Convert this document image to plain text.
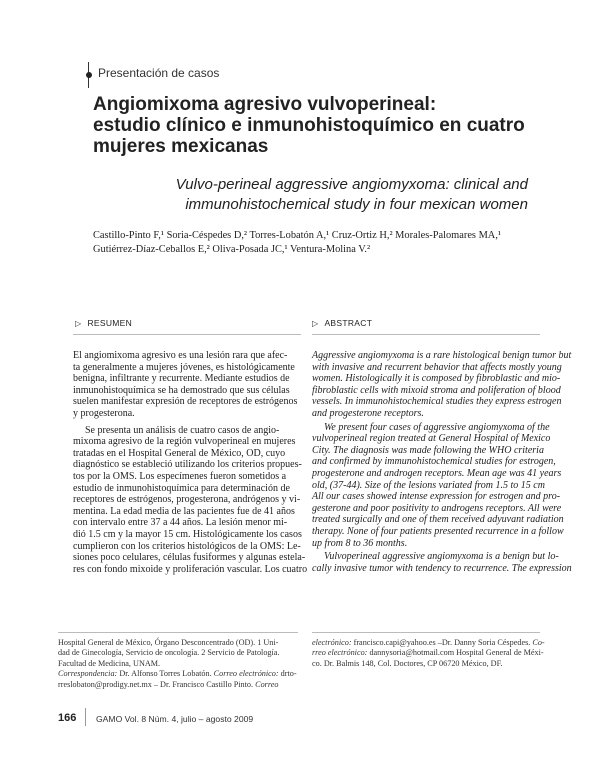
Presentación de casos
Angiomixoma agresivo vulvoperineal:
estudio clínico e inmunohistoquímico en cuatro
mujeres mexicanas
Vulvo-perineal aggressive angiomyxoma: clinical and
immunohistochemical study in four mexican women
Castillo-Pinto F,¹ Soria-Céspedes D,² Torres-Lobatón A,¹ Cruz-Ortiz H,² Morales-Palomares MA,¹
Gutiérrez-Díaz-Ceballos E,² Oliva-Posada JC,¹ Ventura-Molina V.²
▷ RESUMEN	▷ ABSTRACT

El angiomixoma agresivo es una lesión rara que afec-
ta generalmente a mujeres jóvenes, es histológicamente
benigna, infiltrante y recurrente. Mediante estudios de
inmunohistoquímica se ha demostrado que sus células
suelen manifestar expresión de receptores de estrógenos
y progesterona.

Se presenta un análisis de cuatro casos de angio-
mixoma agresivo de la región vulvoperineal en mujeres
tratadas en el Hospital General de México, OD, cuyo
diagnóstico se estableció utilizando los criterios propues-
tos por la OMS. Los especímenes fueron sometidos a
estudio de inmunohistoquímica para determinación de
receptores de estrógenos, progesterona, andrógenos y vi-
mentina. La edad media de las pacientes fue de 41 años
con intervalo entre 37 a 44 años. La lesión menor mi-
dió 1.5 cm y la mayor 15 cm. Histológicamente los casos
cumplieron con los criterios histológicos de la OMS: Le-
siones poco celulares, células fusiformes y algunas estela-
res con fondo mixoide y proliferación vascular. Los cuatro

Aggressive angiomyxoma is a rare histological benign tumor but
with invasive and recurrent behavior that affects mostly young
women. Histologically it is composed by fibroblastic and mio-
fibroblastic cells with mixoid stroma and poliferation of blood
vessels. In immunohistochemical studies they express estrogen
and progesterone receptors.

We present four cases of aggressive angiomyxoma of the
vulvoperineal region treated at General Hospital of Mexico
City. The diagnosis was made following the WHO criteria
and confirmed by immunohistochemical studies for estrogen,
progesterone and androgen receptors. Mean age was 41 years
old, (37-44). Size of the lesions variated from 1.5 to 15 cm
All our cases showed intense expression for estrogen and pro-
gesterone and poor positivity to androgens receptors. All were
treated surgically and one of them received adyuvant radiation
therapy. None of four patients presented recurrence in a follow
up from 8 to 36 months.

Vulvoperineal aggressive angiomyxoma is a benign but lo-
cally invasive tumor with tendency to recurrence. The expression

Hospital General de México, Órgano Desconcentrado (OD). 1 Uni-
dad de Ginecología, Servicio de oncología. 2 Servicio de Patología.
Facultad de Medicina, UNAM.
Correspondencia: Dr. Alfonso Torres Lobatón. Correo electrónico: drto-
rreslobaton@prodigy.net.mx – Dr. Francisco Castillo Pinto. Correo
electrónico: francisco.capi@yahoo.es –Dr. Danny Soria Céspedes. Co-
rreo electrónico: dannysoria@hotmail.com Hospital General de Méxi-
co. Dr. Balmis 148, Col. Doctores, CP 06720 México, DF.
166 GAMO Vol. 8 Núm. 4, julio – agosto 2009
